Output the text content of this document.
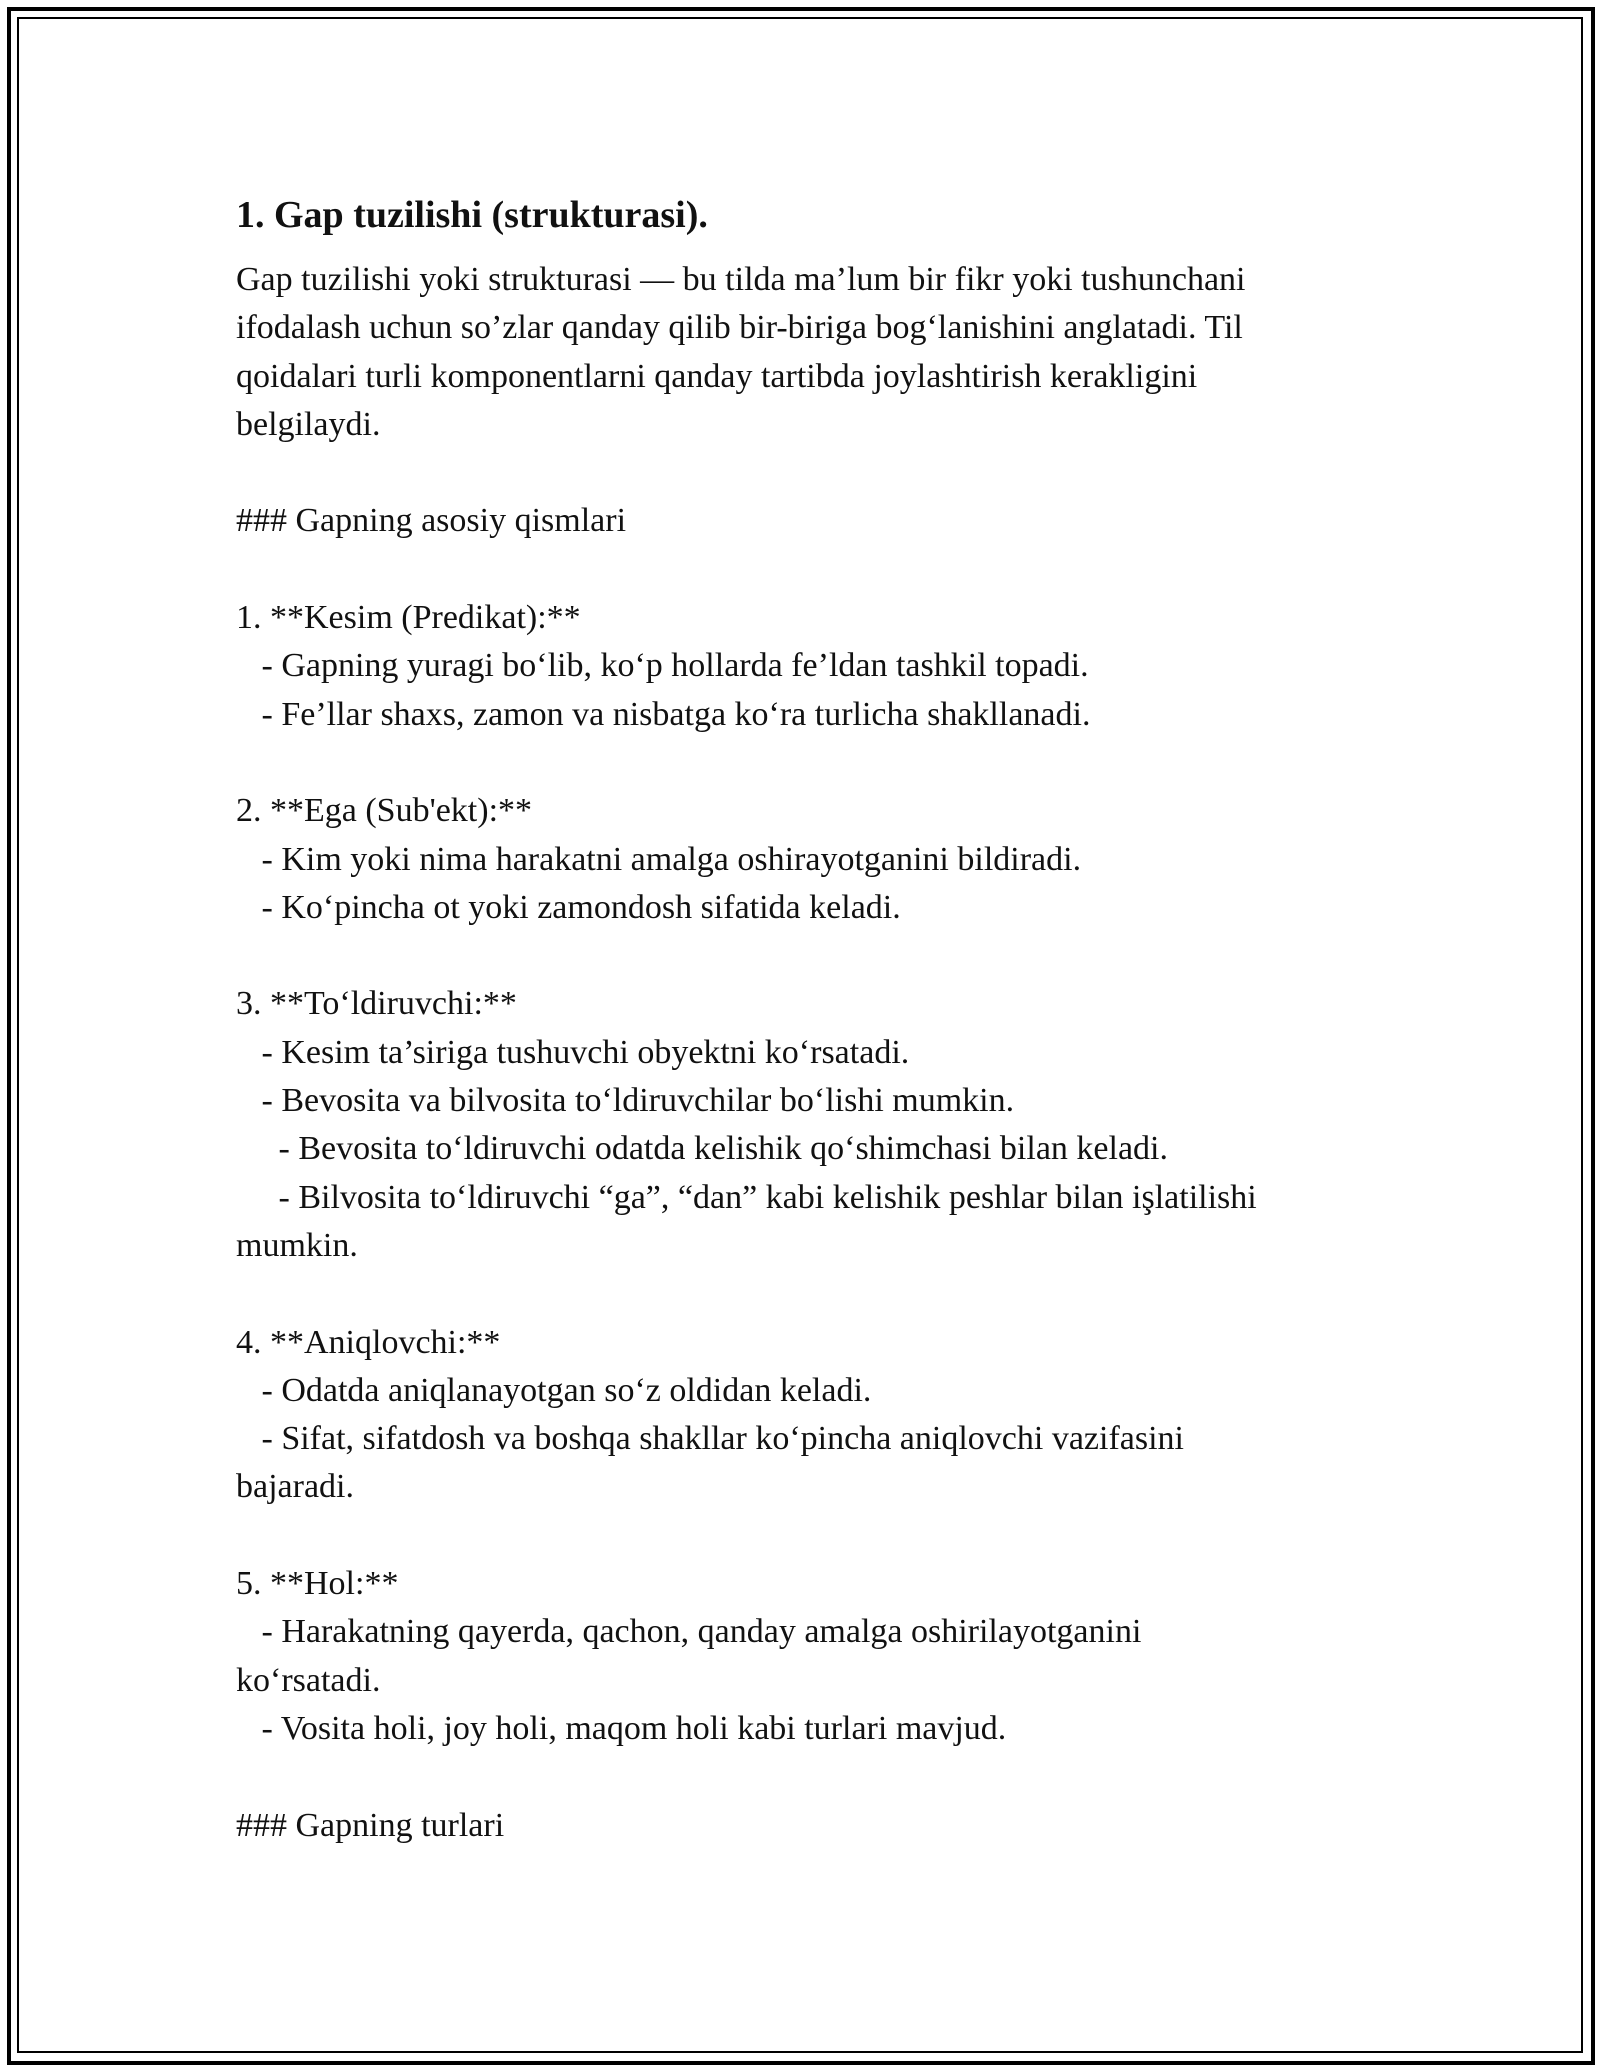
1. Gap tuzilishi (strukturasi).
Gap tuzilishi yoki strukturasi — bu tilda ma’lum bir fikr yoki tushunchani
ifodalash uchun so’zlar qanday qilib bir-biriga bog‘lanishini anglatadi. Til
qoidalari turli komponentlarni qanday tartibda joylashtirish kerakligini
belgilaydi.
### Gapning asosiy qismlari
1. **Kesim (Predikat):**
- Gapning yuragi bo‘lib, ko‘p hollarda fe’ldan tashkil topadi.
- Fe’llar shaxs, zamon va nisbatga ko‘ra turlicha shakllanadi.
2. **Ega (Sub'ekt):**
- Kim yoki nima harakatni amalga oshirayotganini bildiradi.
- Ko‘pincha ot yoki zamondosh sifatida keladi.
3. **To‘ldiruvchi:**
- Kesim ta’siriga tushuvchi obyektni ko‘rsatadi.
- Bevosita va bilvosita to‘ldiruvchilar bo‘lishi mumkin.
- Bevosita to‘ldiruvchi odatda kelishik qo‘shimchasi bilan keladi.
- Bilvosita to‘ldiruvchi “ga”, “dan” kabi kelishik peshlar bilan işlatilishi
mumkin.
4. **Aniqlovchi:**
- Odatda aniqlanayotgan so‘z oldidan keladi.
- Sifat, sifatdosh va boshqa shakllar ko‘pincha aniqlovchi vazifasini
bajaradi.
5. **Hol:**
- Harakatning qayerda, qachon, qanday amalga oshirilayotganini
ko‘rsatadi.
- Vosita holi, joy holi, maqom holi kabi turlari mavjud.
### Gapning turlari
